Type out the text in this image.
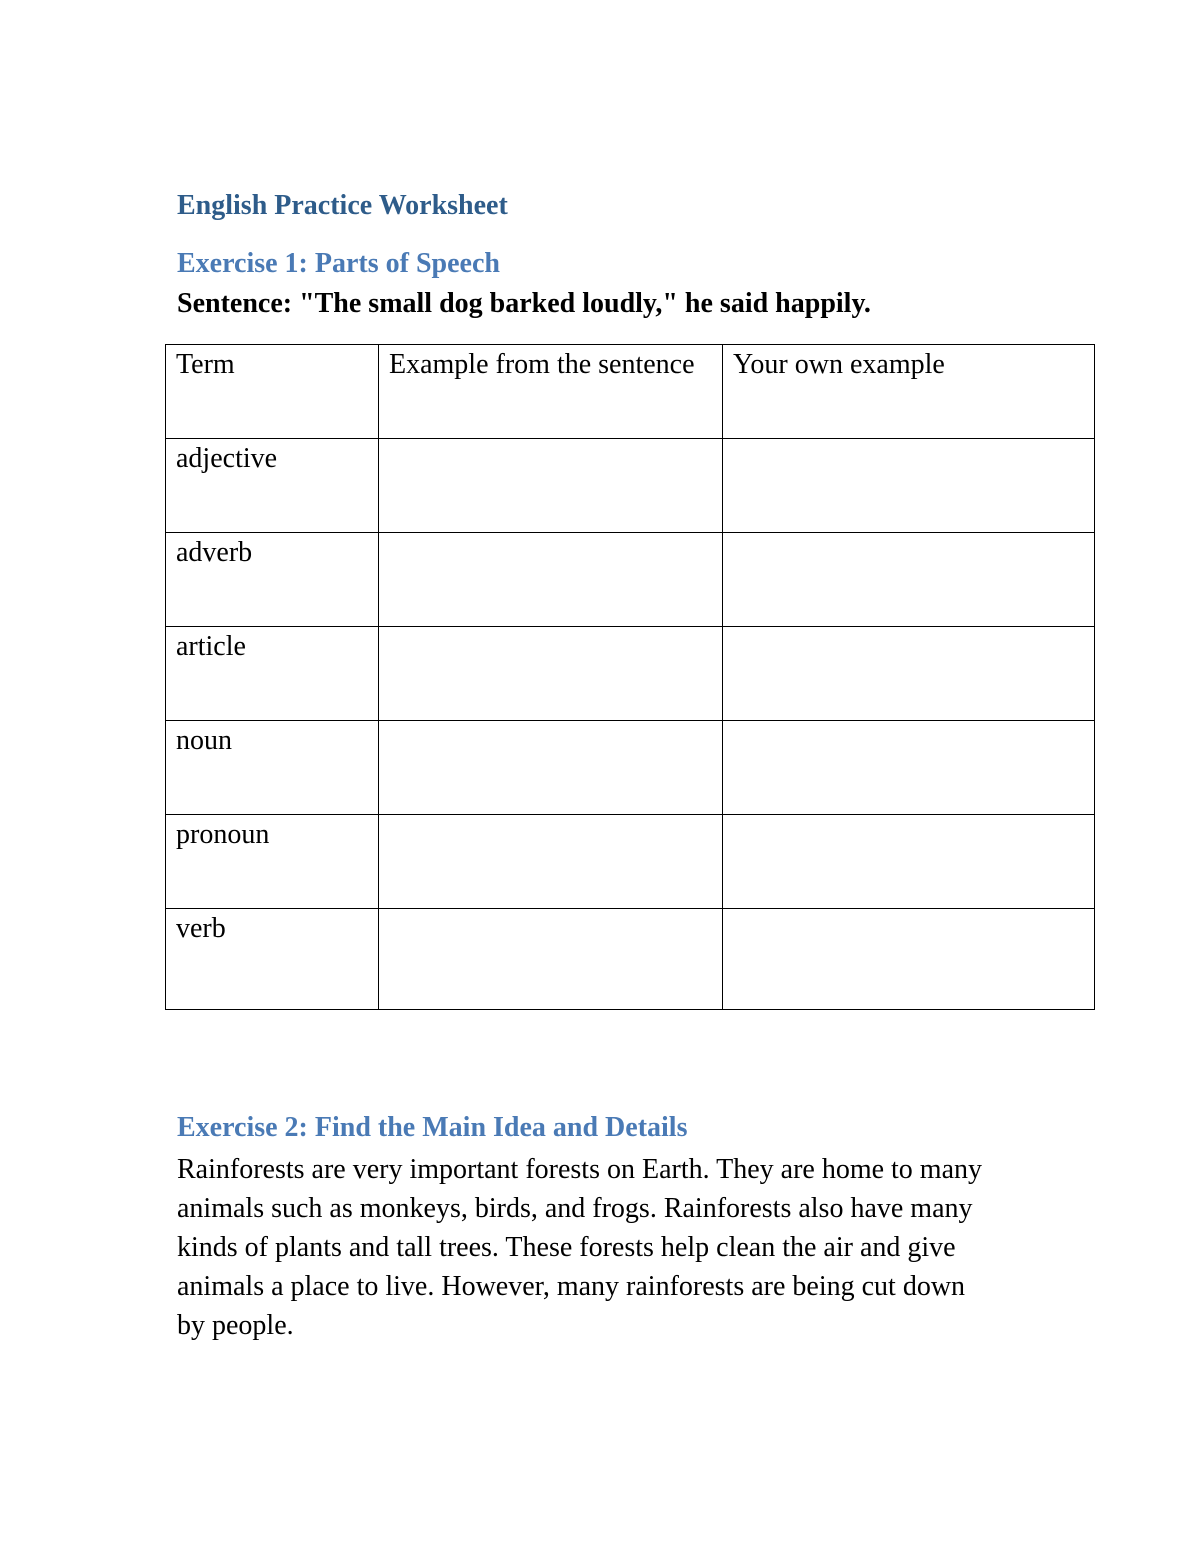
English Practice Worksheet
Exercise 1: Parts of Speech
Sentence: "The small dog barked loudly," he said happily.
Term	Example from the sentence	Your own example
adjective		
adverb		
article		
noun		
pronoun		
verb		
Exercise 2: Find the Main Idea and Details
Rainforests are very important forests on Earth. They are home to many
animals such as monkeys, birds, and frogs. Rainforests also have many
kinds of plants and tall trees. These forests help clean the air and give
animals a place to live. However, many rainforests are being cut down
by people.
